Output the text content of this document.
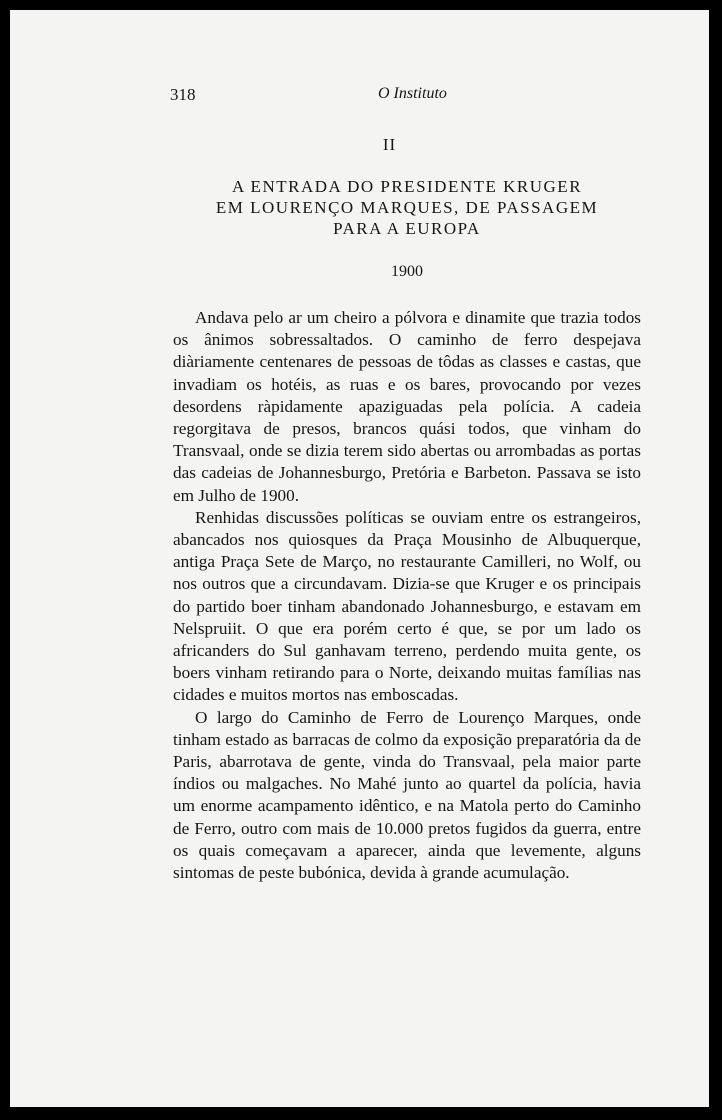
318	O Instituto
II
A ENTRADA DO PRESIDENTE KRUGER
EM LOURENÇO MARQUES, DE PASSAGEM
PARA A EUROPA
1900

Andava pelo ar um cheiro a pólvora e dinamite que trazia todos os ânimos sobressaltados. O caminho de ferro despejava diàriamente centenares de pessoas de tôdas as classes e castas, que invadiam os hotéis, as ruas e os bares, provocando por vezes desordens ràpidamente apaziguadas pela polícia. A cadeia regorgitava de presos, brancos quási todos, que vinham do Transvaal, onde se dizia terem sido abertas ou arrombadas as portas das cadeias de Johannesburgo, Pretória e Barbeton. Passava se isto em Julho de 1900.

Renhidas discussões políticas se ouviam entre os estrangeiros, abancados nos quiosques da Praça Mousinho de Albuquerque, antiga Praça Sete de Março, no restaurante Camilleri, no Wolf, ou nos outros que a circundavam. Dizia-se que Kruger e os principais do partido boer tinham abandonado Johannesburgo, e estavam em Nelspruiit. O que era porém certo é que, se por um lado os africanders do Sul ganhavam terreno, perdendo muita gente, os boers vinham retirando para o Norte, deixando muitas famílias nas cidades e muitos mortos nas emboscadas.

O largo do Caminho de Ferro de Lourenço Marques, onde tinham estado as barracas de colmo da exposição preparatória da de Paris, abarrotava de gente, vinda do Transvaal, pela maior parte índios ou malgaches. No Mahé junto ao quartel da polícia, havia um enorme acampamento idêntico, e na Matola perto do Caminho de Ferro, outro com mais de 10.000 pretos fugidos da guerra, entre os quais começavam a aparecer, ainda que levemente, alguns sintomas de peste bubónica, devida à grande acumulação.
